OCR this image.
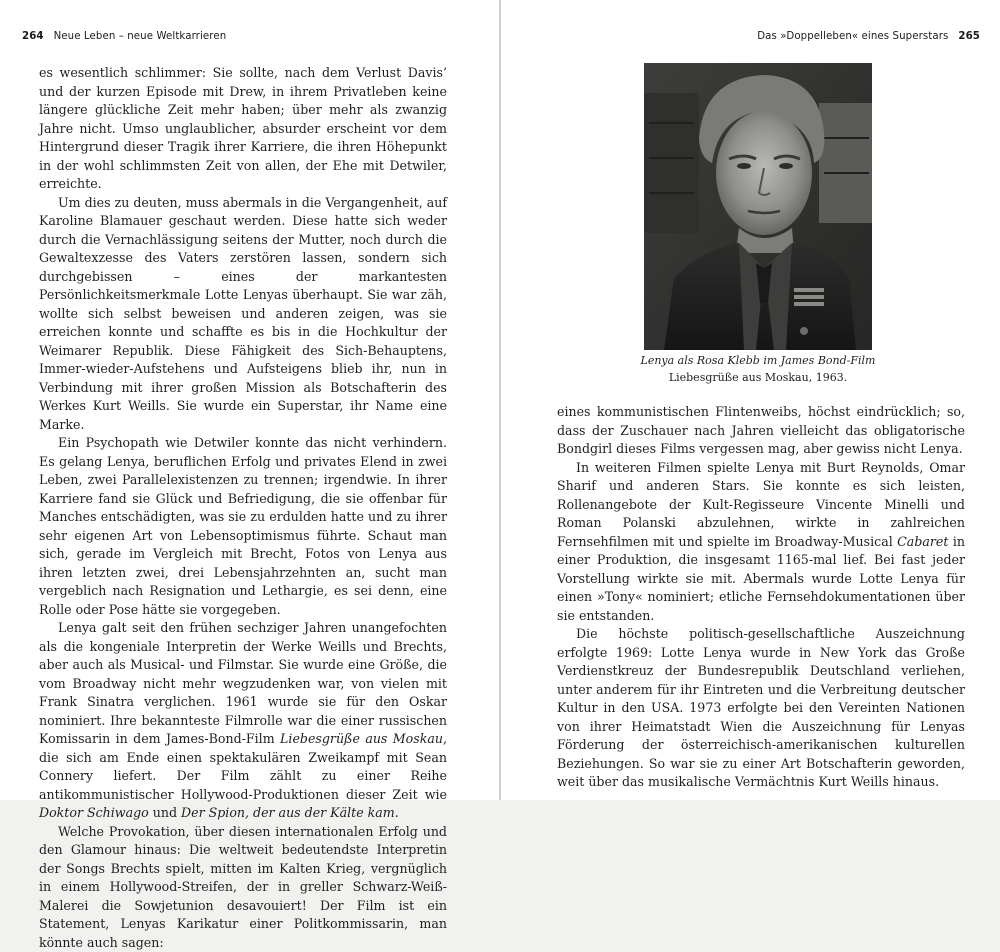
264 Neue Leben – neue Weltkarrieren

es wesentlich schlimmer: Sie sollte, nach dem Verlust Davis’ und der kurzen Episode mit Drew, in ihrem Privatleben keine längere glückliche Zeit mehr haben; über mehr als zwanzig Jahre nicht. Umso unglaublicher, absurder erscheint vor dem Hintergrund dieser Tragik ihrer Karriere, die ihren Höhepunkt in der wohl schlimmsten Zeit von allen, der Ehe mit Detwiler, erreichte.

Um dies zu deuten, muss abermals in die Vergangenheit, auf Karoline Blamauer geschaut werden. Diese hatte sich weder durch die Vernachlässigung seitens der Mutter, noch durch die Gewaltexzesse des Vaters zerstören lassen, sondern sich durchgebissen – eines der markantesten Persönlichkeitsmerkmale Lotte Lenyas überhaupt. Sie war zäh, wollte sich selbst beweisen und anderen zeigen, was sie erreichen konnte und schaffte es bis in die Hochkultur der Weimarer Republik. Diese Fähigkeit des Sich-Behauptens, Immer-wieder-Aufstehens und Aufsteigens blieb ihr, nun in Verbindung mit ihrer großen Mission als Botschafterin des Werkes Kurt Weills. Sie wurde ein Superstar, ihr Name eine Marke.

Ein Psychopath wie Detwiler konnte das nicht verhindern. Es gelang Lenya, beruflichen Erfolg und privates Elend in zwei Leben, zwei Parallelexistenzen zu trennen; irgendwie. In ihrer Karriere fand sie Glück und Befriedigung, die sie offenbar für Manches entschädigten, was sie zu erdulden hatte und zu ihrer sehr eigenen Art von Lebensoptimismus führte. Schaut man sich, gerade im Vergleich mit Brecht, Fotos von Lenya aus ihren letzten zwei, drei Lebensjahrzehnten an, sucht man vergeblich nach Resignation und Lethargie, es sei denn, eine Rolle oder Pose hätte sie vorgegeben.

Lenya galt seit den frühen sechziger Jahren unangefochten als die kongeniale Interpretin der Werke Weills und Brechts, aber auch als Musical- und Filmstar. Sie wurde eine Größe, die vom Broadway nicht mehr wegzudenken war, von vielen mit Frank Sinatra verglichen. 1961 wurde sie für den Oskar nominiert. Ihre bekannteste Filmrolle war die einer russischen Komissarin in dem James-Bond-Film Liebesgrüße aus Moskau, die sich am Ende einen spektakulären Zweikampf mit Sean Connery liefert. Der Film zählt zu einer Reihe antikommunistischer Hollywood-Produktionen dieser Zeit wie Doktor Schiwago und Der Spion, der aus der Kälte kam.

Welche Provokation, über diesen internationalen Erfolg und den Glamour hinaus: Die weltweit bedeutendste Interpretin der Songs Brechts spielt, mitten im Kalten Krieg, vergnüglich in einem Hollywood-Streifen, der in greller Schwarz-Weiß-Malerei die Sowjetunion desavouiert! Der Film ist ein Statement, Lenyas Karikatur einer Politkommissarin, man könnte auch sagen:

Das »Doppelleben« eines Superstars 265
Lenya als Rosa Klebb im James Bond-Film
Liebesgrüße aus Moskau, 1963.

eines kommunistischen Flintenweibs, höchst eindrücklich; so, dass der Zuschauer nach Jahren vielleicht das obligatorische Bondgirl dieses Films vergessen mag, aber gewiss nicht Lenya.

In weiteren Filmen spielte Lenya mit Burt Reynolds, Omar Sharif und anderen Stars. Sie konnte es sich leisten, Rollenangebote der Kult-Regisseure Vincente Minelli und Roman Polanski abzulehnen, wirkte in zahlreichen Fernsehfilmen mit und spielte im Broadway-Musical Cabaret in einer Produktion, die insgesamt 1165-mal lief. Bei fast jeder Vorstellung wirkte sie mit. Abermals wurde Lotte Lenya für einen »Tony« nominiert; etliche Fernsehdokumentationen über sie entstanden.

Die höchste politisch-gesellschaftliche Auszeichnung erfolgte 1969: Lotte Lenya wurde in New York das Große Verdienstkreuz der Bundesrepublik Deutschland verliehen, unter anderem für ihr Eintreten und die Verbreitung deutscher Kultur in den USA. 1973 erfolgte bei den Vereinten Nationen von ihrer Heimatstadt Wien die Auszeichnung für Lenyas Förderung der österreichisch-amerikanischen kulturellen Beziehungen. So war sie zu einer Art Botschafterin geworden, weit über das musikalische Vermächtnis Kurt Weills hinaus.
